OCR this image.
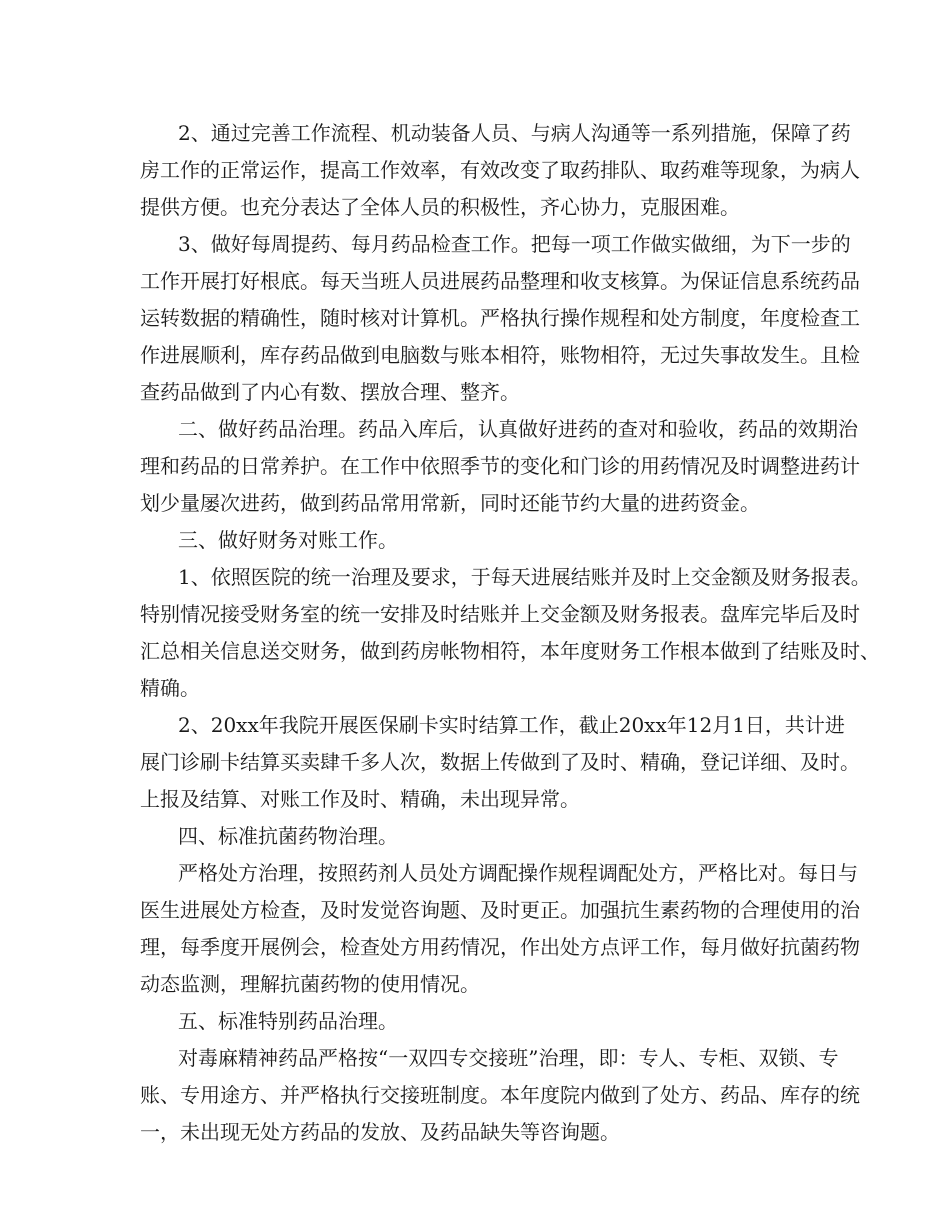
2、通过完善工作流程、机动装备人员、与病人沟通等一系列措施，保障了药
房工作的正常运作，提高工作效率，有效改变了取药排队、取药难等现象，为病人
提供方便。也充分表达了全体人员的积极性，齐心协力，克服困难。
3、做好每周提药、每月药品检查工作。把每一项工作做实做细，为下一步的
工作开展打好根底。每天当班人员进展药品整理和收支核算。为保证信息系统药品
运转数据的精确性，随时核对计算机。严格执行操作规程和处方制度，年度检查工
作进展顺利，库存药品做到电脑数与账本相符，账物相符，无过失事故发生。且检
查药品做到了内心有数、摆放合理、整齐。
二、做好药品治理。药品入库后，认真做好进药的查对和验收，药品的效期治
理和药品的日常养护。在工作中依照季节的变化和门诊的用药情况及时调整进药计
划少量屡次进药，做到药品常用常新，同时还能节约大量的进药资金。
三、做好财务对账工作。
1、依照医院的统一治理及要求，于每天进展结账并及时上交金额及财务报表。
特别情况接受财务室的统一安排及时结账并上交金额及财务报表。盘库完毕后及时
汇总相关信息送交财务，做到药房帐物相符，本年度财务工作根本做到了结账及时、
精确。
2、20xx年我院开展医保刷卡实时结算工作，截止20xx年12月1日，共计进
展门诊刷卡结算买卖肆千多人次，数据上传做到了及时、精确，登记详细、及时。
上报及结算、对账工作及时、精确，未出现异常。
四、标准抗菌药物治理。
严格处方治理，按照药剂人员处方调配操作规程调配处方，严格比对。每日与
医生进展处方检查，及时发觉咨询题、及时更正。加强抗生素药物的合理使用的治
理，每季度开展例会，检查处方用药情况，作出处方点评工作，每月做好抗菌药物
动态监测，理解抗菌药物的使用情况。
五、标准特别药品治理。
对毒麻精神药品严格按“一双四专交接班”治理，即：专人、专柜、双锁、专
账、专用途方、并严格执行交接班制度。本年度院内做到了处方、药品、库存的统
一，未出现无处方药品的发放、及药品缺失等咨询题。
